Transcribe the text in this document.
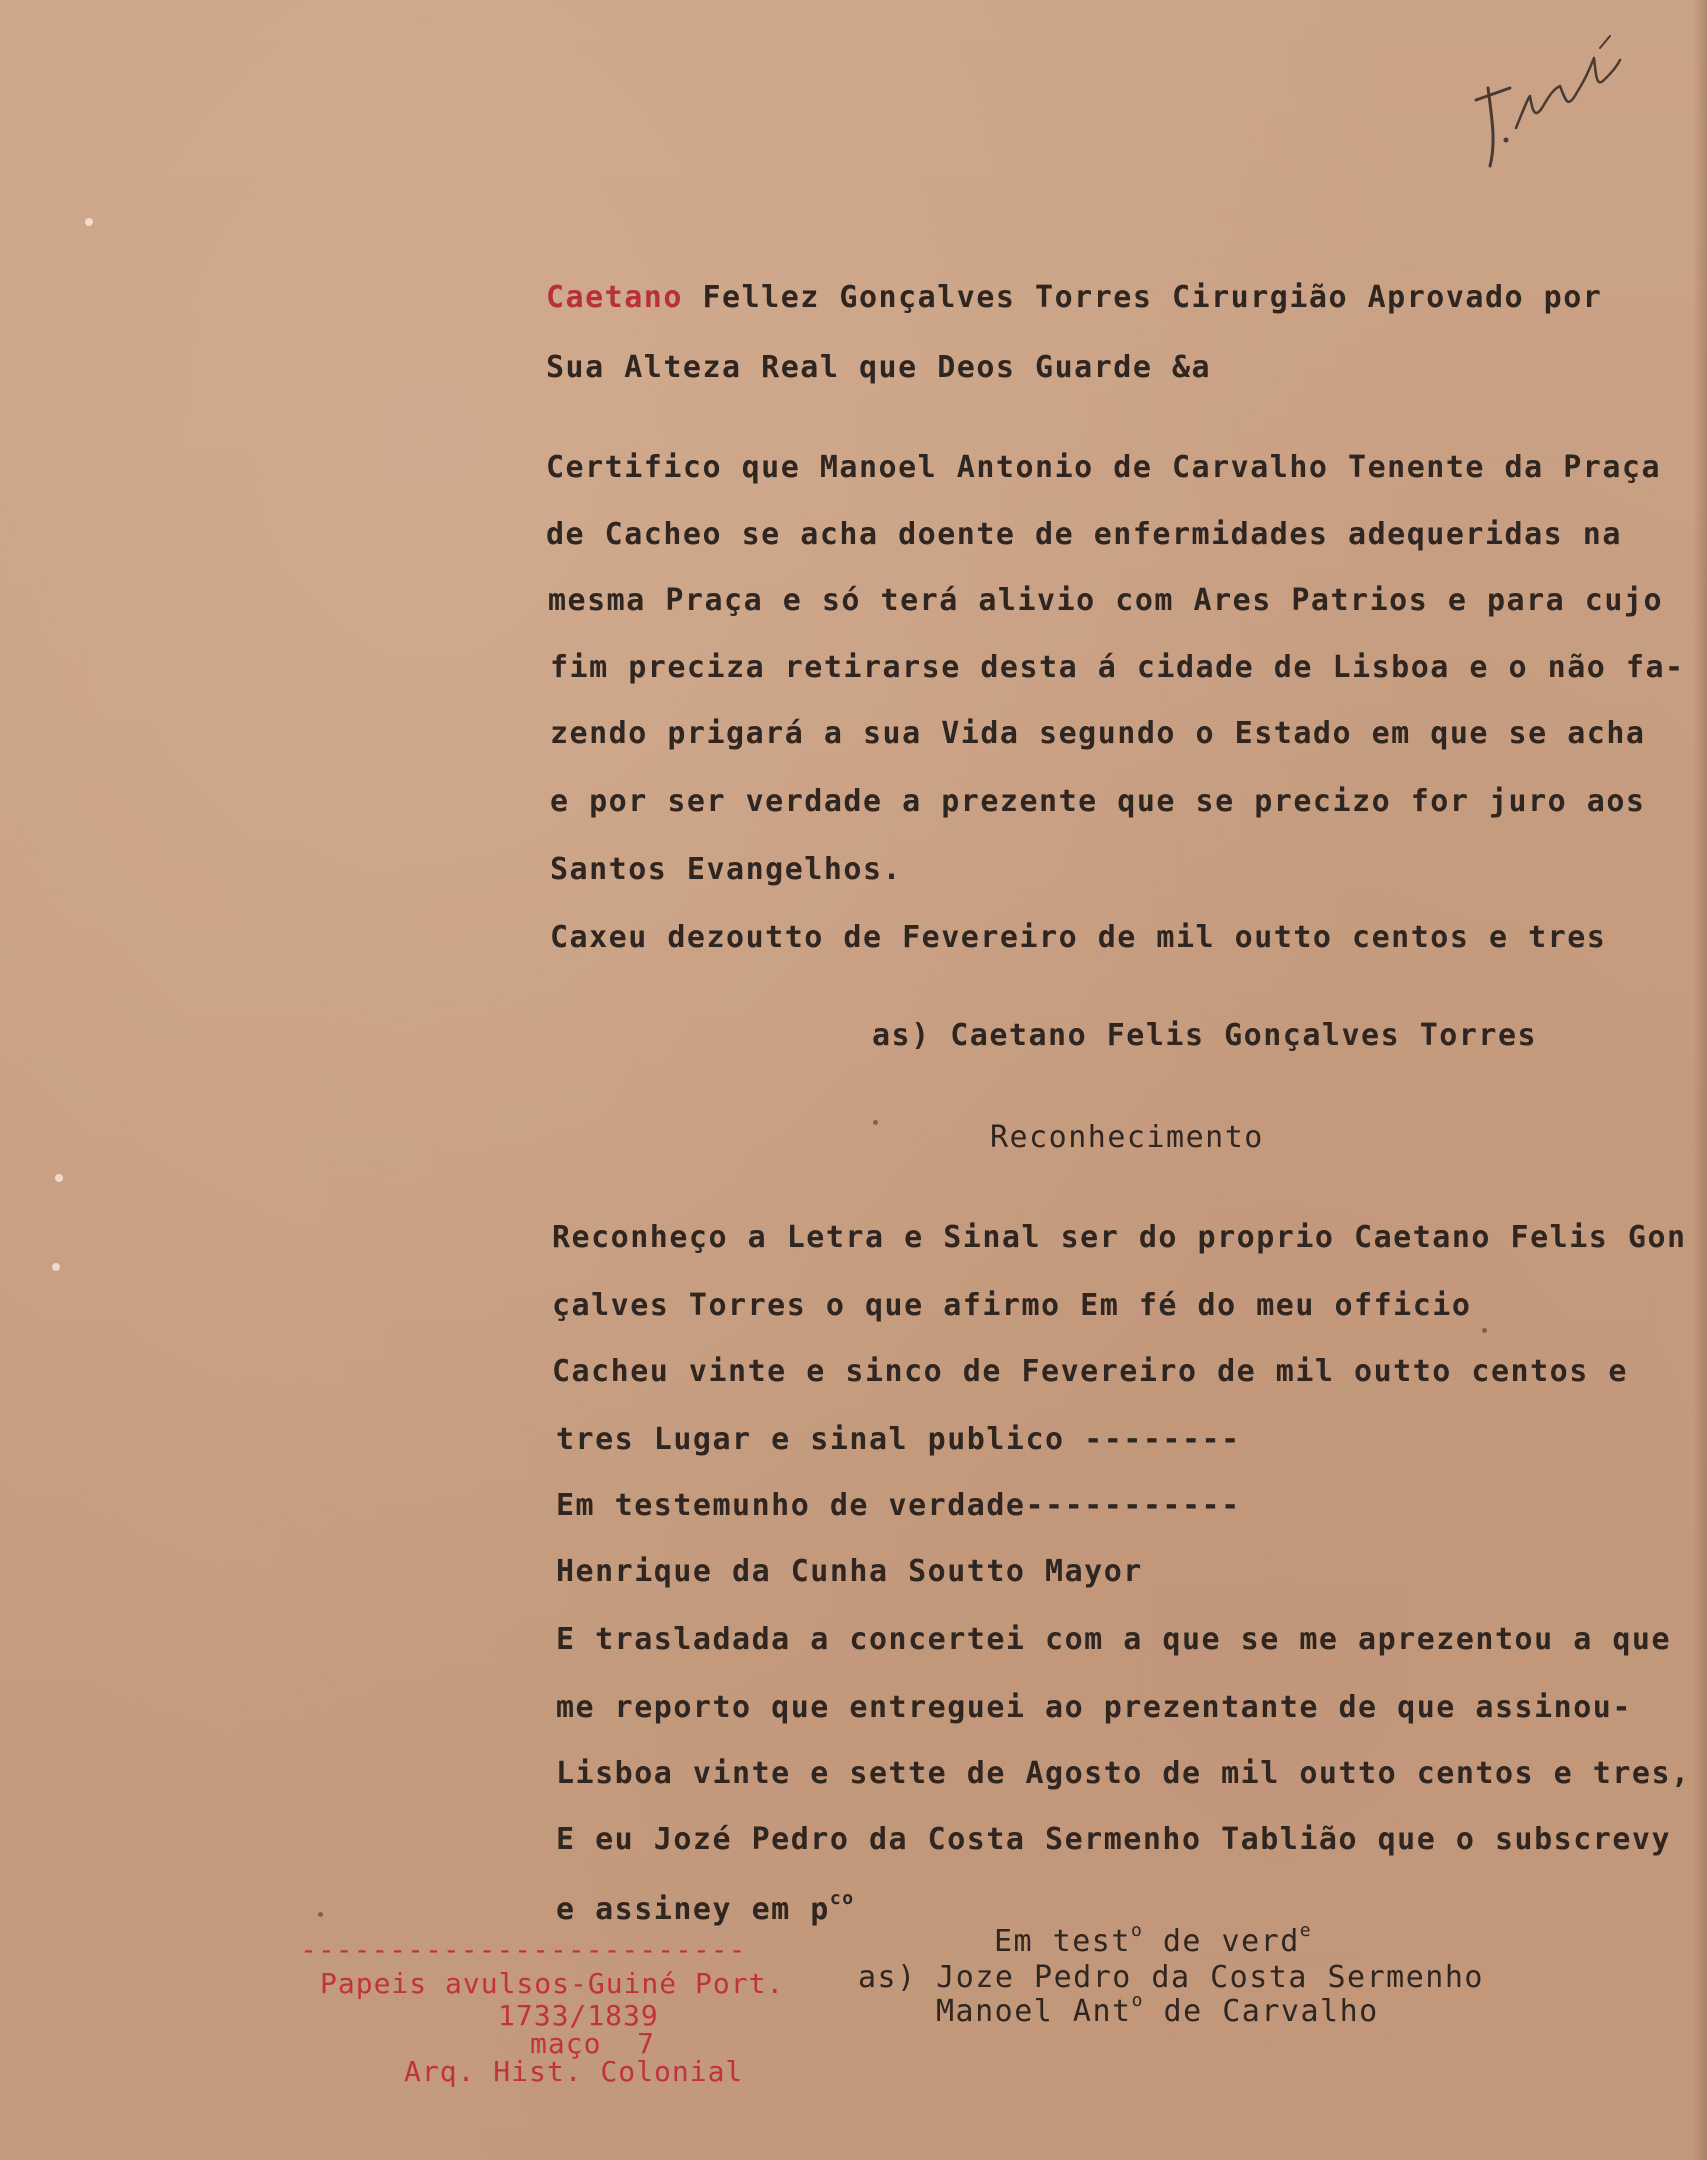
Caetano Fellez Gonçalves Torres Cirurgião Aprovado por
Sua Alteza Real que Deos Guarde &a
Certifico que Manoel Antonio de Carvalho Tenente da Praça
de Cacheo se acha doente de enfermidades adequeridas na
mesma Praça e só terá alivio com Ares Patrios e para cujo
fim preciza retirarse desta á cidade de Lisboa e o não fa-
zendo prigará a sua Vida segundo o Estado em que se acha
e por ser verdade a prezente que se precizo for juro aos
Santos Evangelhos.
Caxeu dezoutto de Fevereiro de mil outto centos e tres
as) Caetano Felis Gonçalves Torres
Reconhecimento
Reconheço a Letra e Sinal ser do proprio Caetano Felis Gon
çalves Torres o que afirmo Em fé do meu officio
Cacheu vinte e sinco de Fevereiro de mil outto centos e
tres Lugar e sinal publico --------
Em testemunho de verdade-----------
Henrique da Cunha Soutto Mayor
E trasladada a concertei com a que se me aprezentou a que
me reporto que entreguei ao prezentante de que assinou-
Lisboa vinte e sette de Agosto de mil outto centos e tres,
E eu Jozé Pedro da Costa Sermenho Tablião que o subscrevy
e assiney em $p^{co}$
Em test$^o$ de verd$^e$
as) Joze Pedro da Costa Sermenho
Manoel Ant$^o$ de Carvalho
-------------------------
Papeis avulsos-Guiné Port.
1733/1839
maço  7
Arq. Hist. Colonial
